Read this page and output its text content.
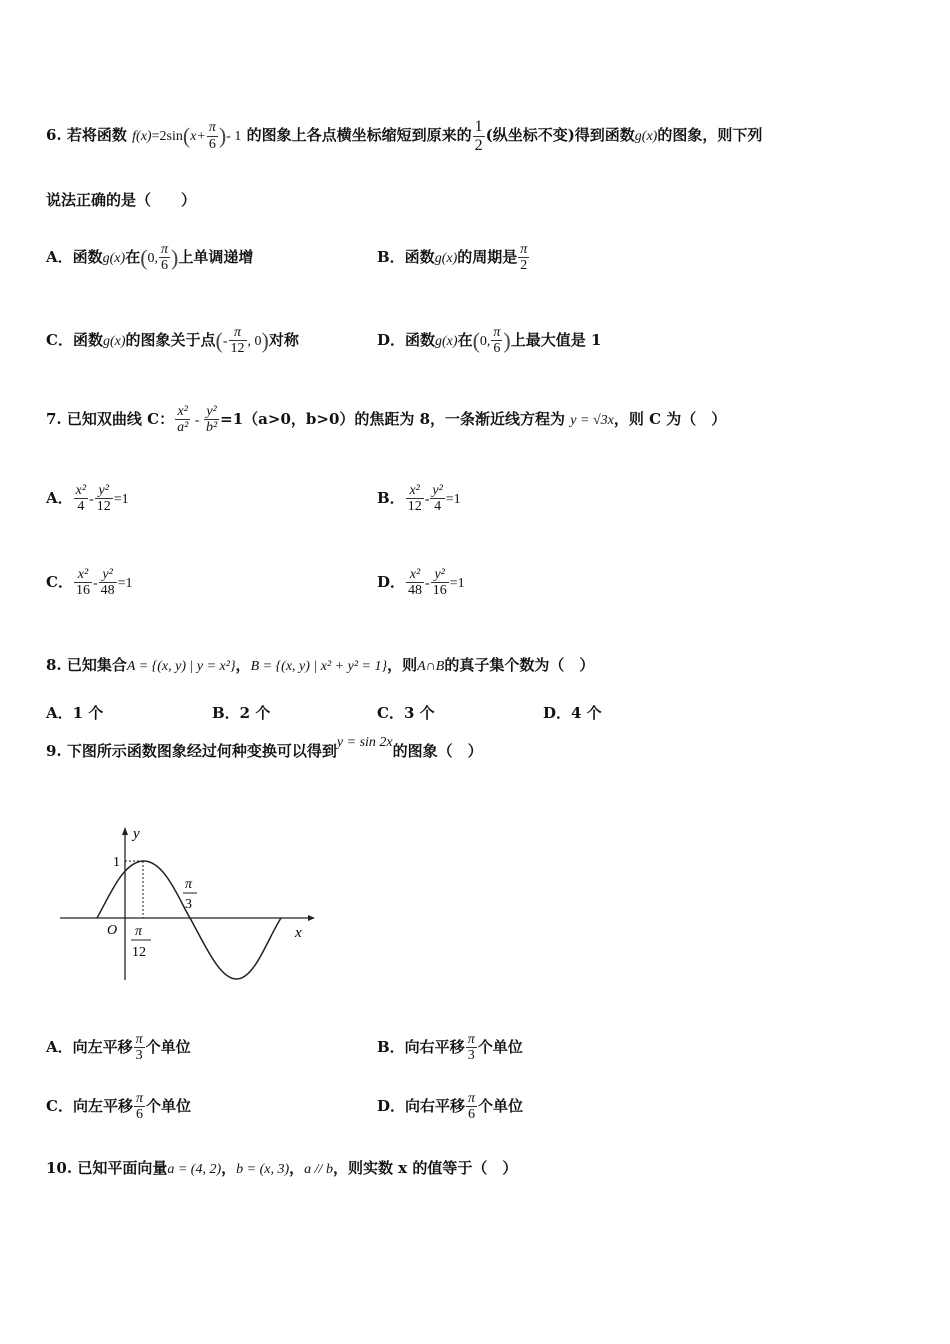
6. 若将函数 $f(x)=2\sin(x+ \frac{\pi}{6}$ )- 1 的图象上各点横坐标缩短到原来的 $\frac{1}{2}$ (纵坐标不变)得到函数g(x)的图象，则下列
说法正确的是（　　）
A．函数g(x)在(0, $\frac{\pi}{6}$ )上单调递增	B．函数g(x)的周期是 $\frac{\pi}{2}$
C．函数g(x)的图象关于点(- $\frac{\pi}{12}$ , 0)对称	D．函数g(x)在(0, $\frac{\pi}{6}$ )上最大值是 1
7. 已知双曲线 C： $\frac{\text{x²}}{\text{a²}} - \frac{\text{y²}}{\text{b²}} =1(a>0$，b>0）的焦距为 8，一条渐近线方程为 y = √3x，则 C 为（　）
A． $\frac{\text{x²}}{4} - \frac{\text{y²}}{12} =1$	B． $\frac{\text{x²}}{12} - \frac{\text{y²}}{4} =1$
C． $\frac{\text{x²}}{16} - \frac{\text{y²}}{48} =1$	D． $\frac{\text{x²}}{48} - \frac{\text{y²}}{16} =1$
8. 已知集合A = {(x, y) | y = x²}，B = {(x, y) | x² + y² = 1}，则A∩B的真子集个数为（　）
A．1 个	B．2 个	C．3 个	D．4 个
9. 下图所示函数图象经过何种变换可以得到y = sin 2x的图象（　）
y
x
O
1
π
3
π
12
A．向左平移 $\frac{\pi}{3}$ 个单位	B．向右平移 $\frac{\pi}{3}$ 个单位
C．向左平移 $\frac{\pi}{6}$ 个单位	D．向右平移 $\frac{\pi}{6}$ 个单位
10. 已知平面向量a = (4, 2)，b = (x, 3)，a // b，则实数 x 的值等于（　）
